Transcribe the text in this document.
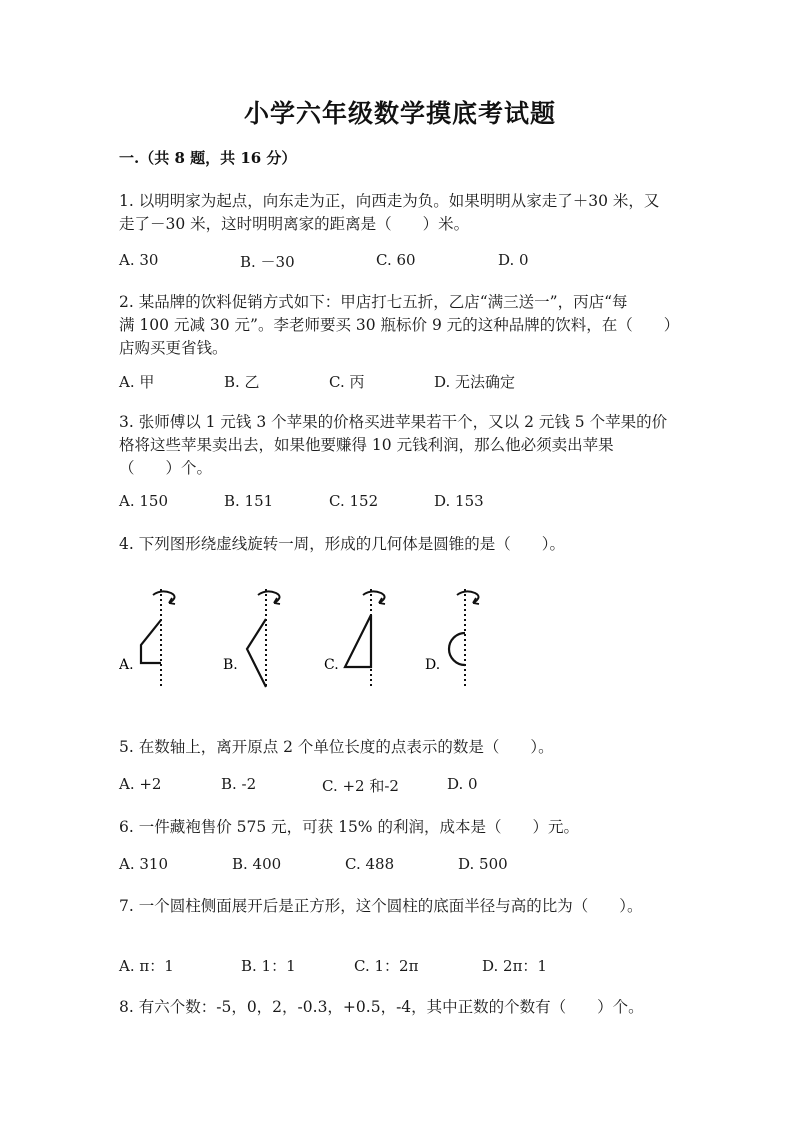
小学六年级数学摸底考试题
一.（共 8 题，共 16 分）
1. 以明明家为起点，向东走为正，向西走为负。如果明明从家走了＋30 米，又
走了－30 米，这时明明离家的距离是（　　）米。
A. 30	B. －30	C. 60	D. 0
2. 某品牌的饮料促销方式如下：甲店打七五折，乙店“满三送一”，丙店“每
满 100 元减 30 元”。李老师要买 30 瓶标价 9 元的这种品牌的饮料，在（　　）
店购买更省钱。
A. 甲	B. 乙	C. 丙	D. 无法确定
3. 张师傅以 1 元钱 3 个苹果的价格买进苹果若干个，又以 2 元钱 5 个苹果的价
格将这些苹果卖出去，如果他要赚得 10 元钱利润，那么他必须卖出苹果
（　　）个。
A. 150	B. 151	C. 152	D. 153
4. 下列图形绕虚线旋转一周，形成的几何体是圆锥的是（　　）。
A.	B.	C.	D.
5. 在数轴上，离开原点 2 个单位长度的点表示的数是（　　）。
A. +2	B. -2	C. +2 和-2	D. 0
6. 一件藏袍售价 575 元，可获 15% 的利润，成本是（　　）元。
A. 310	B. 400	C. 488	D. 500
7. 一个圆柱侧面展开后是正方形，这个圆柱的底面半径与高的比为（　　）。
A. π：1	B. 1：1	C. 1：2π	D. 2π：1
8. 有六个数：-5，0，2，-0.3，+0.5，-4，其中正数的个数有（　　）个。
